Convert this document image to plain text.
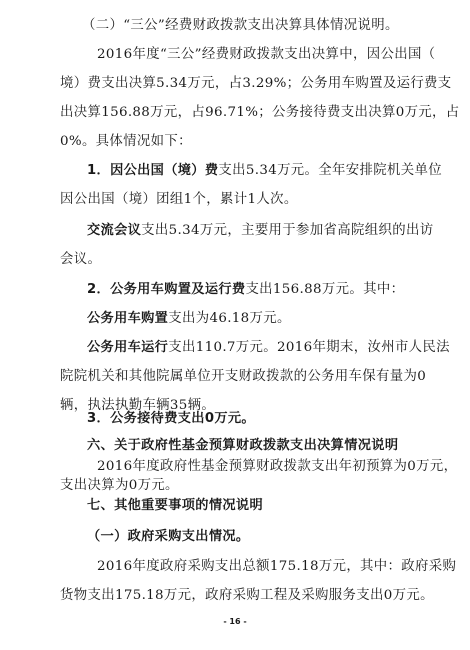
（二）“三公”经费财政拨款支出决算具体情况说明。
2016年度“三公”经费财政拨款支出决算中，因公出国（
境）费支出决算5.34万元，占3.29%；公务用车购置及运行费支
出决算156.88万元，占96.71%；公务接待费支出决算0万元，占
0%。具体情况如下：
1．因公出国（境）费支出5.34万元。全年安排院机关单位
因公出国（境）团组1个，累计1人次。
交流会议支出5.34万元，主要用于参加省高院组织的出访
会议。
2．公务用车购置及运行费支出156.88万元。其中：
公务用车购置支出为46.18万元。
公务用车运行支出110.7万元。2016年期末，汝州市人民法
院院机关和其他院属单位开支财政拨款的公务用车保有量为0
辆，执法执勤车辆35辆。
3．公务接待费支出0万元。
六、关于政府性基金预算财政拨款支出决算情况说明
2016年度政府性基金预算财政拨款支出年初预算为0万元，
支出决算为0万元。
七、其他重要事项的情况说明
（一）政府采购支出情况。
2016年度政府采购支出总额175.18万元，其中：政府采购
货物支出175.18万元，政府采购工程及采购服务支出0万元。
- 16 -
